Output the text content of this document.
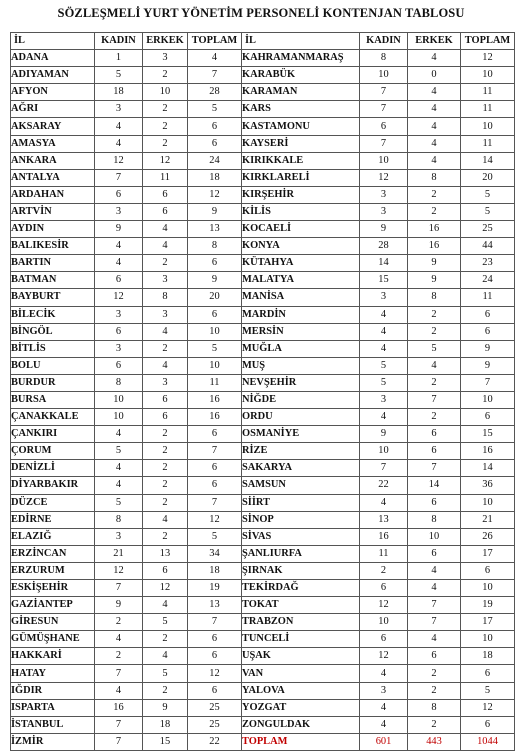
SÖZLEŞMELİ YURT YÖNETİM PERSONELİ KONTENJAN TABLOSU
İL	KADIN	ERKEK	TOPLAM	İL	KADIN	ERKEK	TOPLAM
ADANA	1	3	4	KAHRAMANMARAŞ	8	4	12
ADIYAMAN	5	2	7	KARABÜK	10	0	10
AFYON	18	10	28	KARAMAN	7	4	11
AĞRI	3	2	5	KARS	7	4	11
AKSARAY	4	2	6	KASTAMONU	6	4	10
AMASYA	4	2	6	KAYSERİ	7	4	11
ANKARA	12	12	24	KIRIKKALE	10	4	14
ANTALYA	7	11	18	KIRKLARELİ	12	8	20
ARDAHAN	6	6	12	KIRŞEHİR	3	2	5
ARTVİN	3	6	9	KİLİS	3	2	5
AYDIN	9	4	13	KOCAELİ	9	16	25
BALIKESİR	4	4	8	KONYA	28	16	44
BARTIN	4	2	6	KÜTAHYA	14	9	23
BATMAN	6	3	9	MALATYA	15	9	24
BAYBURT	12	8	20	MANİSA	3	8	11
BİLECİK	3	3	6	MARDİN	4	2	6
BİNGÖL	6	4	10	MERSİN	4	2	6
BİTLİS	3	2	5	MUĞLA	4	5	9
BOLU	6	4	10	MUŞ	5	4	9
BURDUR	8	3	11	NEVŞEHİR	5	2	7
BURSA	10	6	16	NİĞDE	3	7	10
ÇANAKKALE	10	6	16	ORDU	4	2	6
ÇANKIRI	4	2	6	OSMANİYE	9	6	15
ÇORUM	5	2	7	RİZE	10	6	16
DENİZLİ	4	2	6	SAKARYA	7	7	14
DİYARBAKIR	4	2	6	SAMSUN	22	14	36
DÜZCE	5	2	7	SİİRT	4	6	10
EDİRNE	8	4	12	SİNOP	13	8	21
ELAZIĞ	3	2	5	SİVAS	16	10	26
ERZİNCAN	21	13	34	ŞANLIURFA	11	6	17
ERZURUM	12	6	18	ŞIRNAK	2	4	6
ESKİŞEHİR	7	12	19	TEKİRDAĞ	6	4	10
GAZİANTEP	9	4	13	TOKAT	12	7	19
GİRESUN	2	5	7	TRABZON	10	7	17
GÜMÜŞHANE	4	2	6	TUNCELİ	6	4	10
HAKKARİ	2	4	6	UŞAK	12	6	18
HATAY	7	5	12	VAN	4	2	6
IĞDIR	4	2	6	YALOVA	3	2	5
ISPARTA	16	9	25	YOZGAT	4	8	12
İSTANBUL	7	18	25	ZONGULDAK	4	2	6
İZMİR	7	15	22	TOPLAM	601	443	1044
